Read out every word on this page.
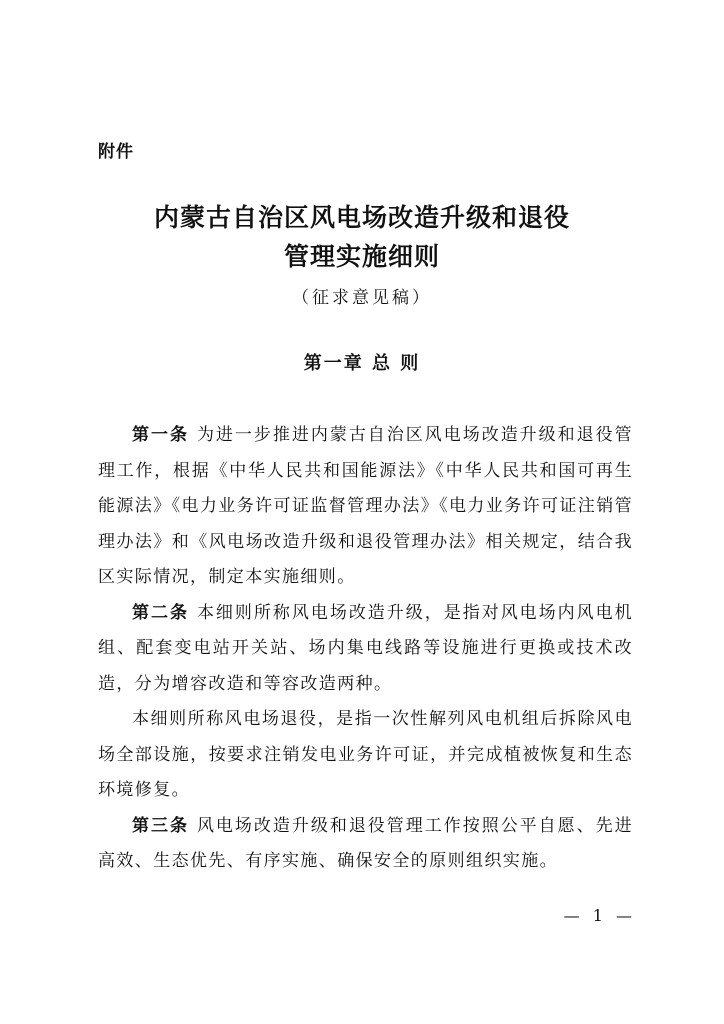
附件
内蒙古自治区风电场改造升级和退役
管理实施细则
（征求意见稿）
第一章 总 则

第一条 为进一步推进内蒙古自治区风电场改造升级和退役管理工作，根据《中华人民共和国能源法》《中华人民共和国可再生能源法》《电力业务许可证监督管理办法》《电力业务许可证注销管理办法》和《风电场改造升级和退役管理办法》相关规定，结合我区实际情况，制定本实施细则。

第二条 本细则所称风电场改造升级，是指对风电场内风电机组、配套变电站开关站、场内集电线路等设施进行更换或技术改造，分为增容改造和等容改造两种。

本细则所称风电场退役，是指一次性解列风电机组后拆除风电场全部设施，按要求注销发电业务许可证，并完成植被恢复和生态环境修复。

第三条 风电场改造升级和退役管理工作按照公平自愿、先进高效、生态优先、有序实施、确保安全的原则组织实施。

— 1 —
